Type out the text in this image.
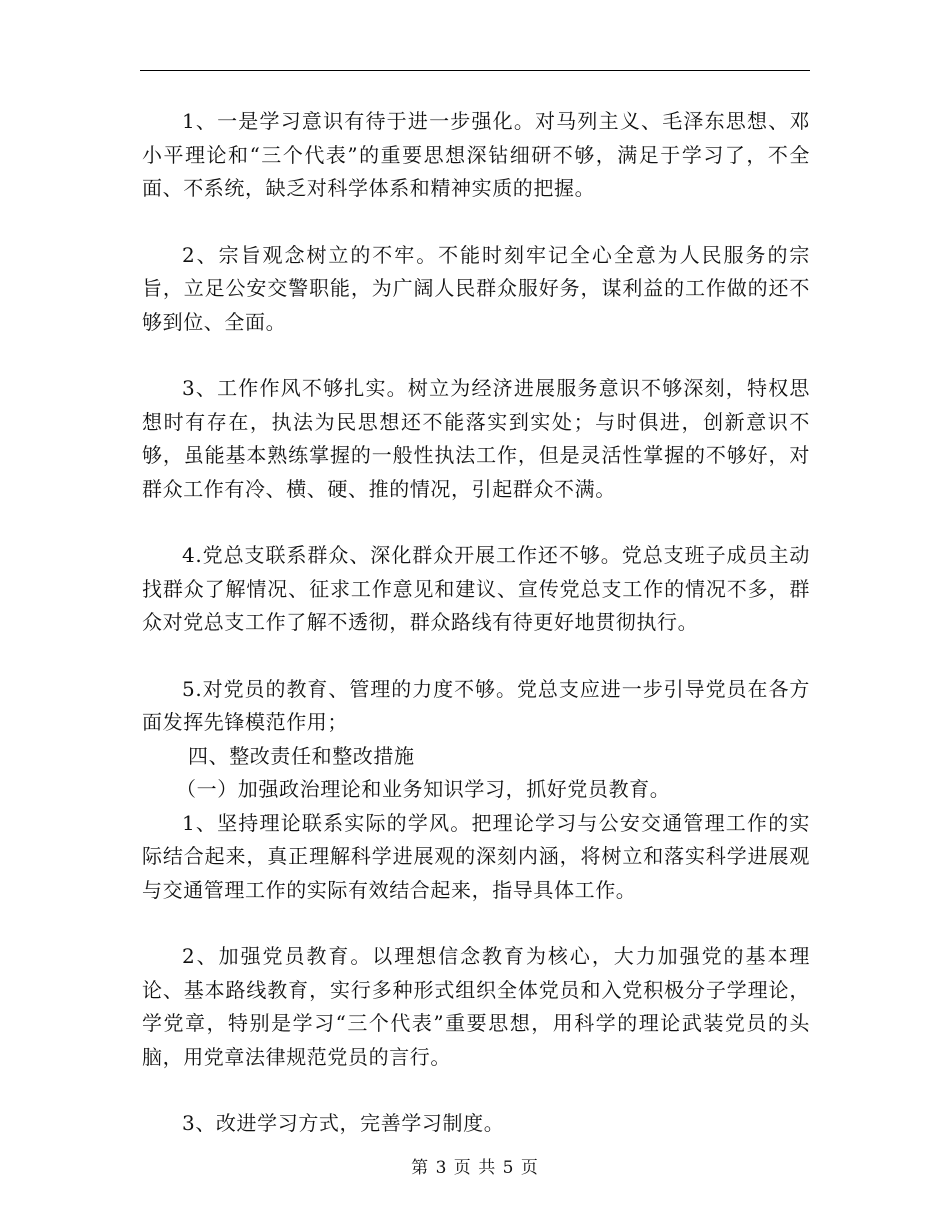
1、一是学习意识有待于进一步强化。对马列主义、毛泽东思想、邓小平理论和“三个代表”的重要思想深钻细研不够，满足于学习了，不全面、不系统，缺乏对科学体系和精神实质的把握。

2、宗旨观念树立的不牢。不能时刻牢记全心全意为人民服务的宗旨，立足公安交警职能，为广阔人民群众服好务，谋利益的工作做的还不够到位、全面。

3、工作作风不够扎实。树立为经济进展服务意识不够深刻，特权思想时有存在，执法为民思想还不能落实到实处；与时俱进，创新意识不够，虽能基本熟练掌握的一般性执法工作，但是灵活性掌握的不够好，对群众工作有冷、横、硬、推的情况，引起群众不满。

4.党总支联系群众、深化群众开展工作还不够。党总支班子成员主动找群众了解情况、征求工作意见和建议、宣传党总支工作的情况不多，群众对党总支工作了解不透彻，群众路线有待更好地贯彻执行。

5.对党员的教育、管理的力度不够。党总支应进一步引导党员在各方面发挥先锋模范作用；

四、整改责任和整改措施

（一）加强政治理论和业务知识学习，抓好党员教育。

1、坚持理论联系实际的学风。把理论学习与公安交通管理工作的实际结合起来，真正理解科学进展观的深刻内涵，将树立和落实科学进展观与交通管理工作的实际有效结合起来，指导具体工作。

2、加强党员教育。以理想信念教育为核心，大力加强党的基本理论、基本路线教育，实行多种形式组织全体党员和入党积极分子学理论，学党章，特别是学习“三个代表”重要思想，用科学的理论武装党员的头脑，用党章法律规范党员的言行。

3、改进学习方式，完善学习制度。

第 3 页 共 5 页
